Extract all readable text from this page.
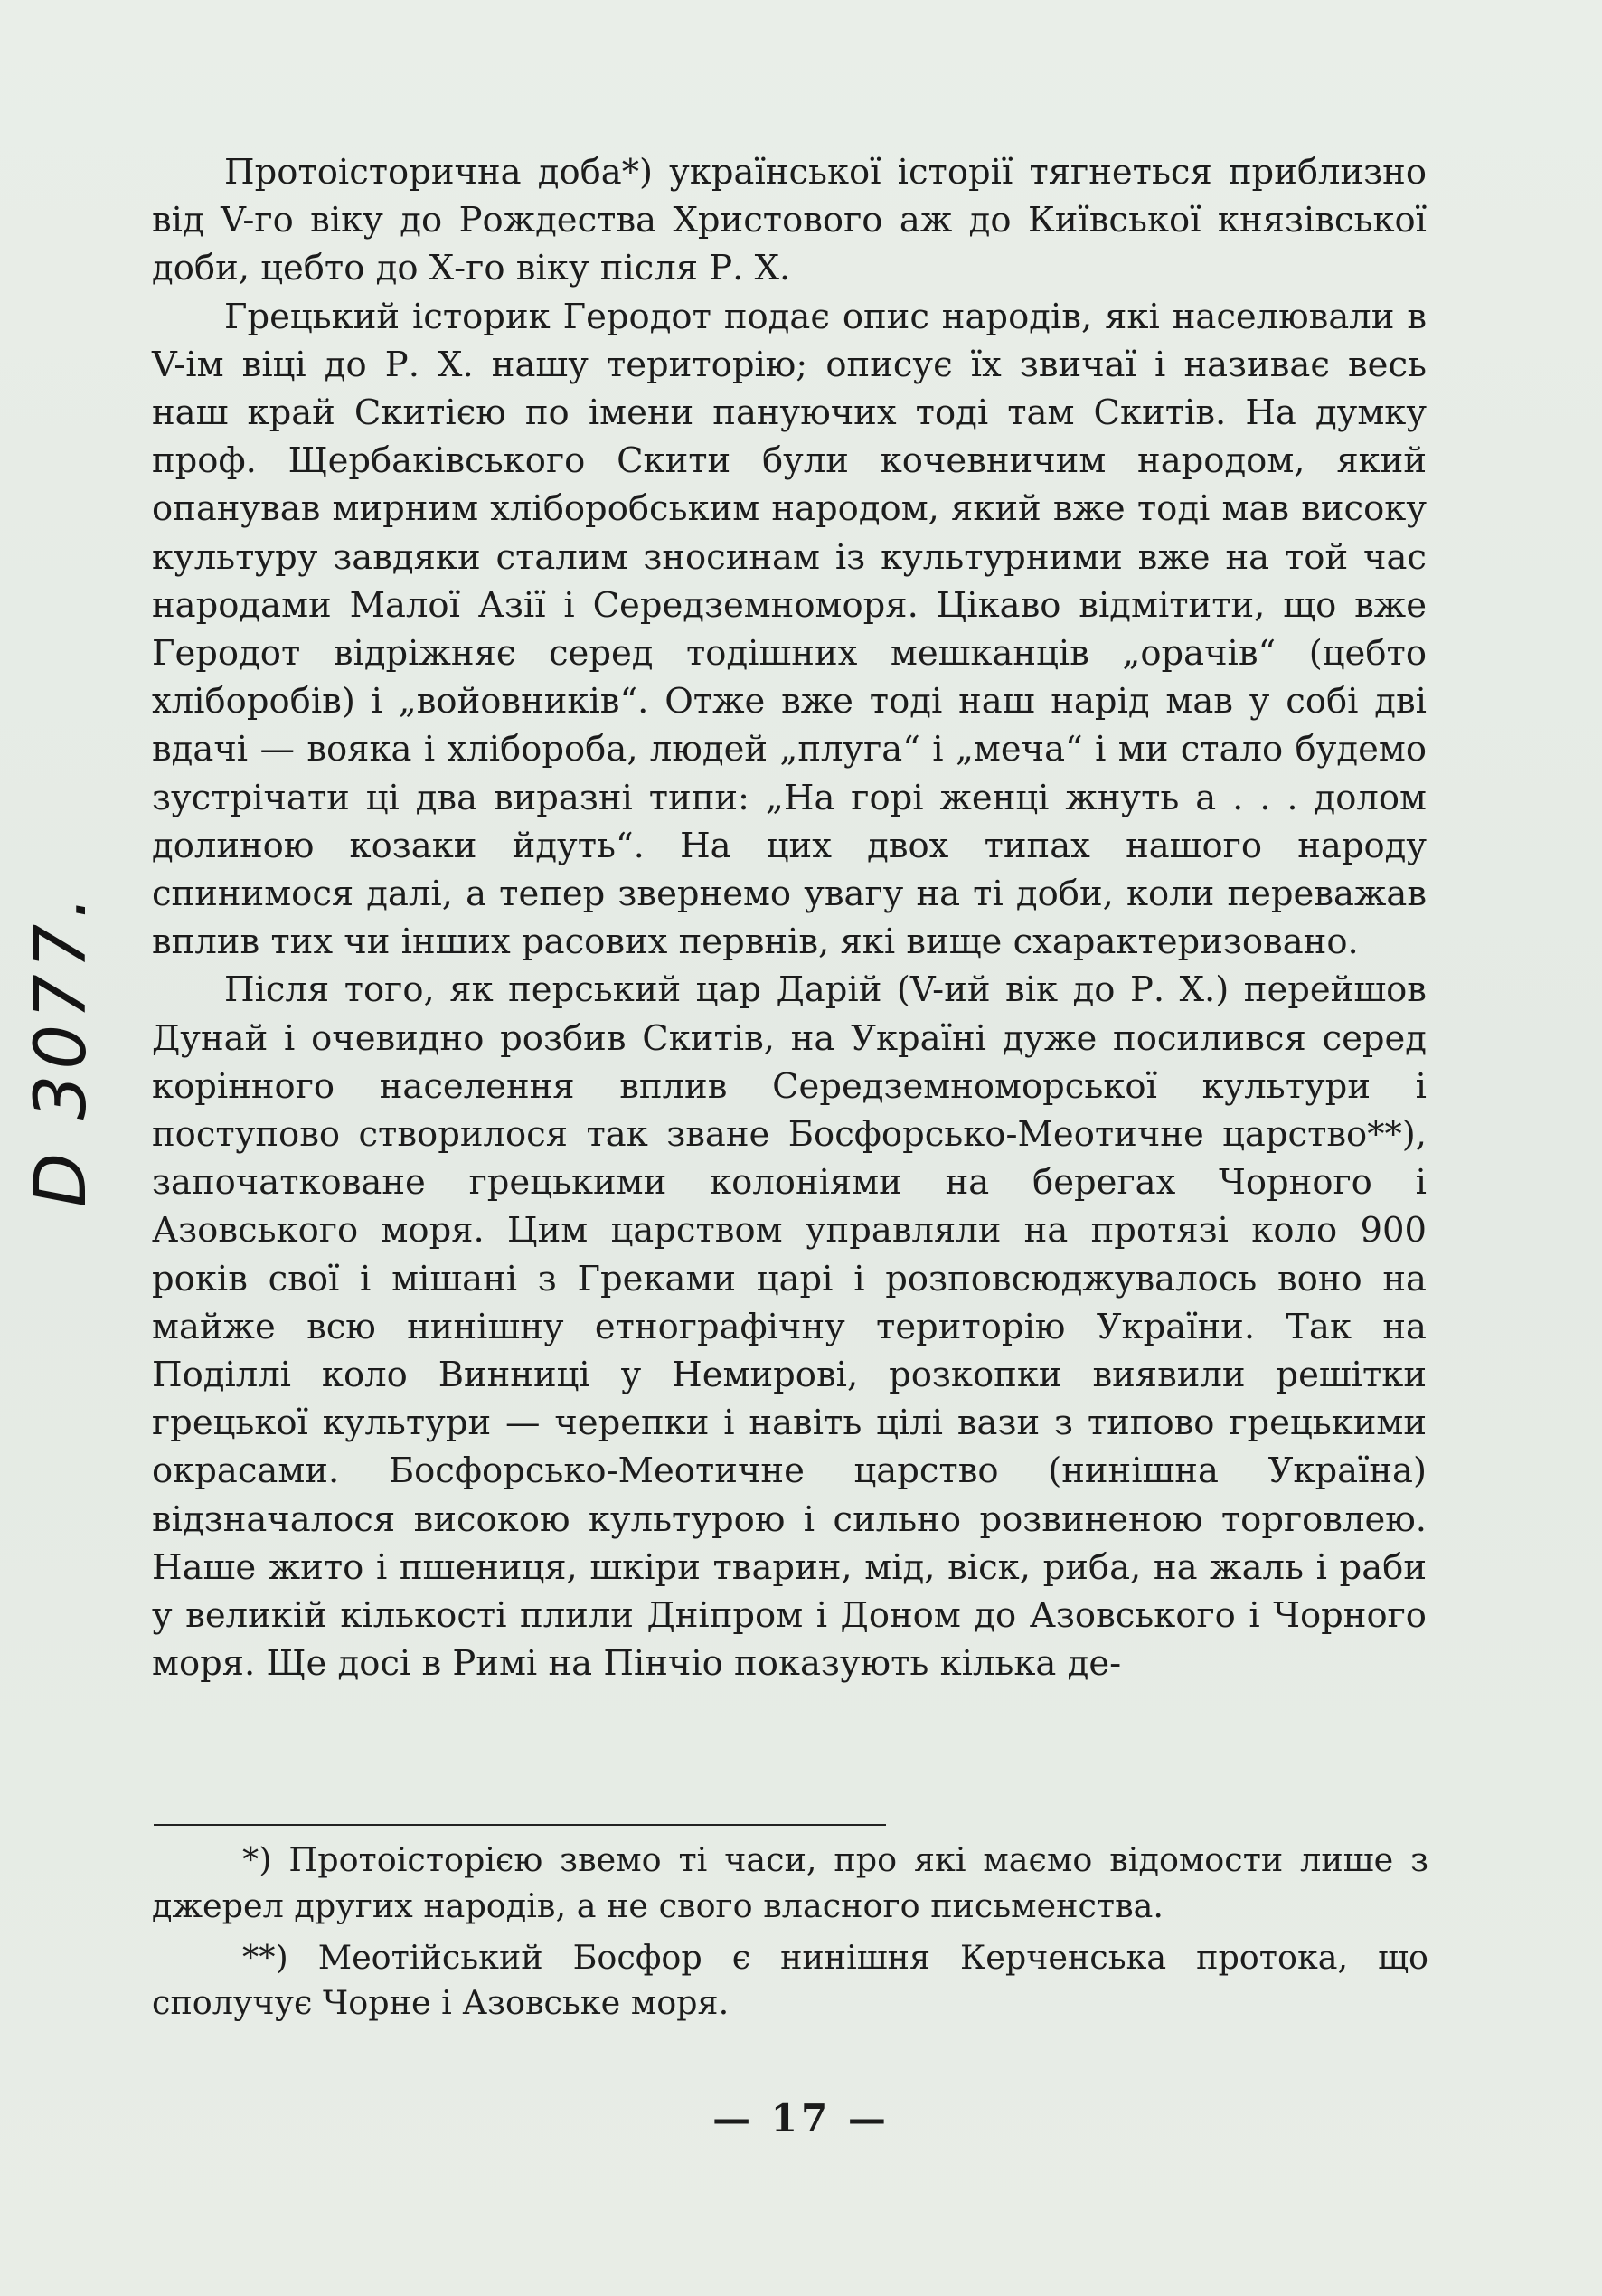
D 3077.

Протоісторична доба*) української історії тягнеться приблизно від V-го віку до Рождества Христового аж до Київської князівської доби, цебто до Х-го віку після Р. Х.

Грецький історик Геродот подає опис народів, які населювали в V-ім віці до Р. Х. нашу територію; описує їх звичаї і називає весь наш край Скитією по імени пануючих тоді там Скитів. На думку проф. Щербаківського Скити були кочевничим народом, який опанував мирним хліборобським народом, який вже тоді мав високу культуру завдяки сталим зносинам із культурними вже на той час народами Малої Азії і Середземноморя. Цікаво відмітити, що вже Геродот відріжняє серед тодішних мешканців „орачів“ (цебто хліборобів) і „войовників“. Отже вже тоді наш нарід мав у собі дві вдачі — вояка і хлібороба, людей „плуга“ і „меча“ і ми стало будемо зустрічати ці два виразні типи: „На горі женці жнуть а . . . долом долиною козаки йдуть“. На цих двох типах нашого народу спинимося далі, а тепер звернемо увагу на ті доби, коли переважав вплив тих чи інших расових первнів, які вище схарактеризовано.

Після того, як перський цар Дарій (V-ий вік до Р. Х.) перейшов Дунай і очевидно розбив Скитів, на Україні дуже посилився серед корінного населення вплив Середземноморської культури і поступово створилося так зване Босфорсько-Меотичне царство**), започатковане грецькими колоніями на берегах Чорного і Азовського моря. Цим царством управляли на протязі коло 900 років свої і мішані з Греками царі і розповсюджувалось воно на майже всю нинішну етнографічну територію України. Так на Поділлі коло Винниці у Немирові, розкопки виявили решітки грецької культури — черепки і навіть цілі вази з типово грецькими окрасами. Босфорсько-Меотичне царство (нинішна Україна) відзначалося високою культурою і сильно розвиненою торговлею. Наше жито і пшениця, шкіри тварин, мід, віск, риба, на жаль і раби у великій кількості плили Дніпром і Доном до Азовського і Чорного моря. Ще досі в Римі на Пінчіо показують кілька де-

*) Протоісторією звемо ті часи, про які маємо відомости лише з джерел других народів, а не свого власного письменства.

**) Меотійський Босфор є нинішня Керченська протока, що сполучує Чорне і Азовське моря.

— 17 —
